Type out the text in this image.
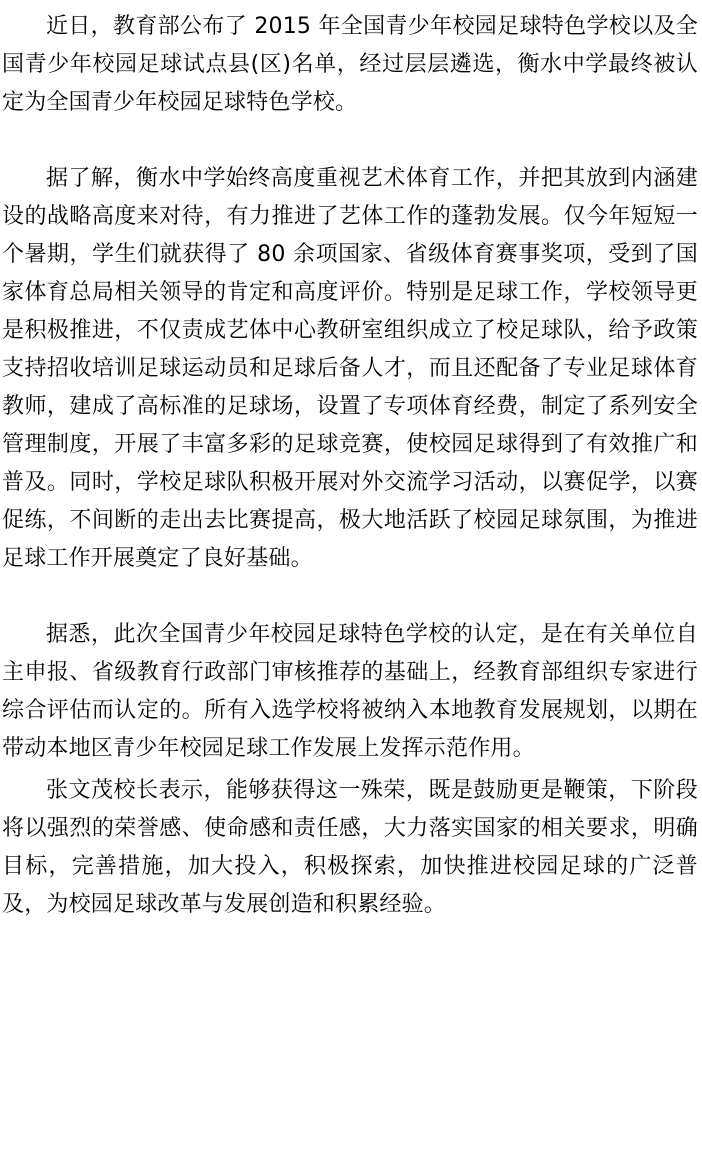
近日，教育部公布了 2015 年全国青少年校园足球特色学校以及全国青少年校园足球试点县(区)名单，经过层层遴选，衡水中学最终被认定为全国青少年校园足球特色学校。

据了解，衡水中学始终高度重视艺术体育工作，并把其放到内涵建设的战略高度来对待，有力推进了艺体工作的蓬勃发展。仅今年短短一个暑期，学生们就获得了 80 余项国家、省级体育赛事奖项，受到了国家体育总局相关领导的肯定和高度评价。特别是足球工作，学校领导更是积极推进，不仅责成艺体中心教研室组织成立了校足球队，给予政策支持招收培训足球运动员和足球后备人才，而且还配备了专业足球体育教师，建成了高标准的足球场，设置了专项体育经费，制定了系列安全管理制度，开展了丰富多彩的足球竞赛，使校园足球得到了有效推广和普及。同时，学校足球队积极开展对外交流学习活动，以赛促学，以赛促练，不间断的走出去比赛提高，极大地活跃了校园足球氛围，为推进足球工作开展奠定了良好基础。

据悉，此次全国青少年校园足球特色学校的认定，是在有关单位自主申报、省级教育行政部门审核推荐的基础上，经教育部组织专家进行综合评估而认定的。所有入选学校将被纳入本地教育发展规划，以期在带动本地区青少年校园足球工作发展上发挥示范作用。

张文茂校长表示，能够获得这一殊荣，既是鼓励更是鞭策，下阶段将以强烈的荣誉感、使命感和责任感，大力落实国家的相关要求，明确目标，完善措施，加大投入，积极探索，加快推进校园足球的广泛普及，为校园足球改革与发展创造和积累经验。
